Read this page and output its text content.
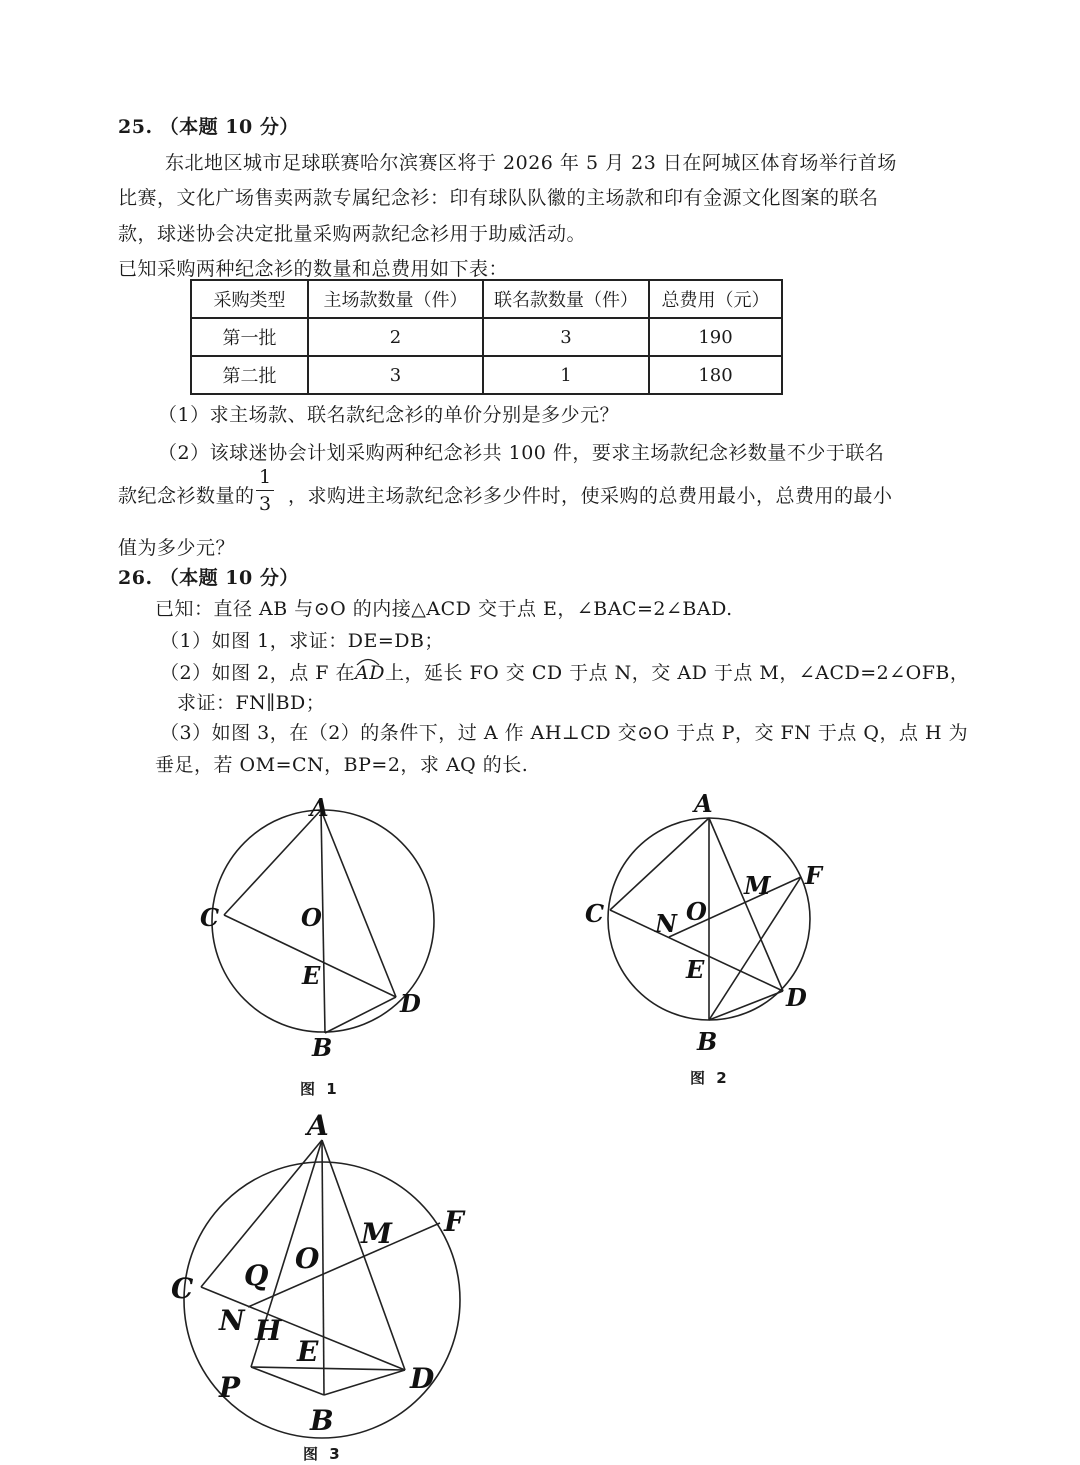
25. （本题 10 分）
东北地区城市足球联赛哈尔滨赛区将于 2026 年 5 月 23 日在阿城区体育场举行首场
比赛，文化广场售卖两款专属纪念衫：印有球队队徽的主场款和印有金源文化图案的联名
款，球迷协会决定批量采购两款纪念衫用于助威活动。
已知采购两种纪念衫的数量和总费用如下表：
采购类型	主场款数量（件）	联名款数量（件）	总费用（元）
第一批	2	3	190
第二批	3	1	180
（1）求主场款、联名款纪念衫的单价分别是多少元？
（2）该球迷协会计划采购两种纪念衫共 100 件，要求主场款纪念衫数量不少于联名
款纪念衫数量的
1
3 ，求购进主场款纪念衫多少件时，使采购的总费用最小，总费用的最小
值为多少元？
26. （本题 10 分）
已知：直径 AB 与⊙O 的内接△ACD 交于点 E，∠BAC=2∠BAD.
（1）如图 1，求证：DE=DB；
（2）如图 2，点 F 在
AD上，延长 FO 交 CD 于点 N，交 AD 于点 M，∠ACD=2∠OFB，
求证：FN∥BD；
（3）如图 3，在（2）的条件下，过 A 作 AH⊥CD 交⊙O 于点 P，交 FN 于点 Q，点 H 为
垂足，若 OM=CN，BP=2，求 AQ 的长.
A
O
C
E
D
B
图 1
A
M F
C N O
E
D
B
图 2
A
F
M
O
C Q
N H
E
P	D
B
图 3
